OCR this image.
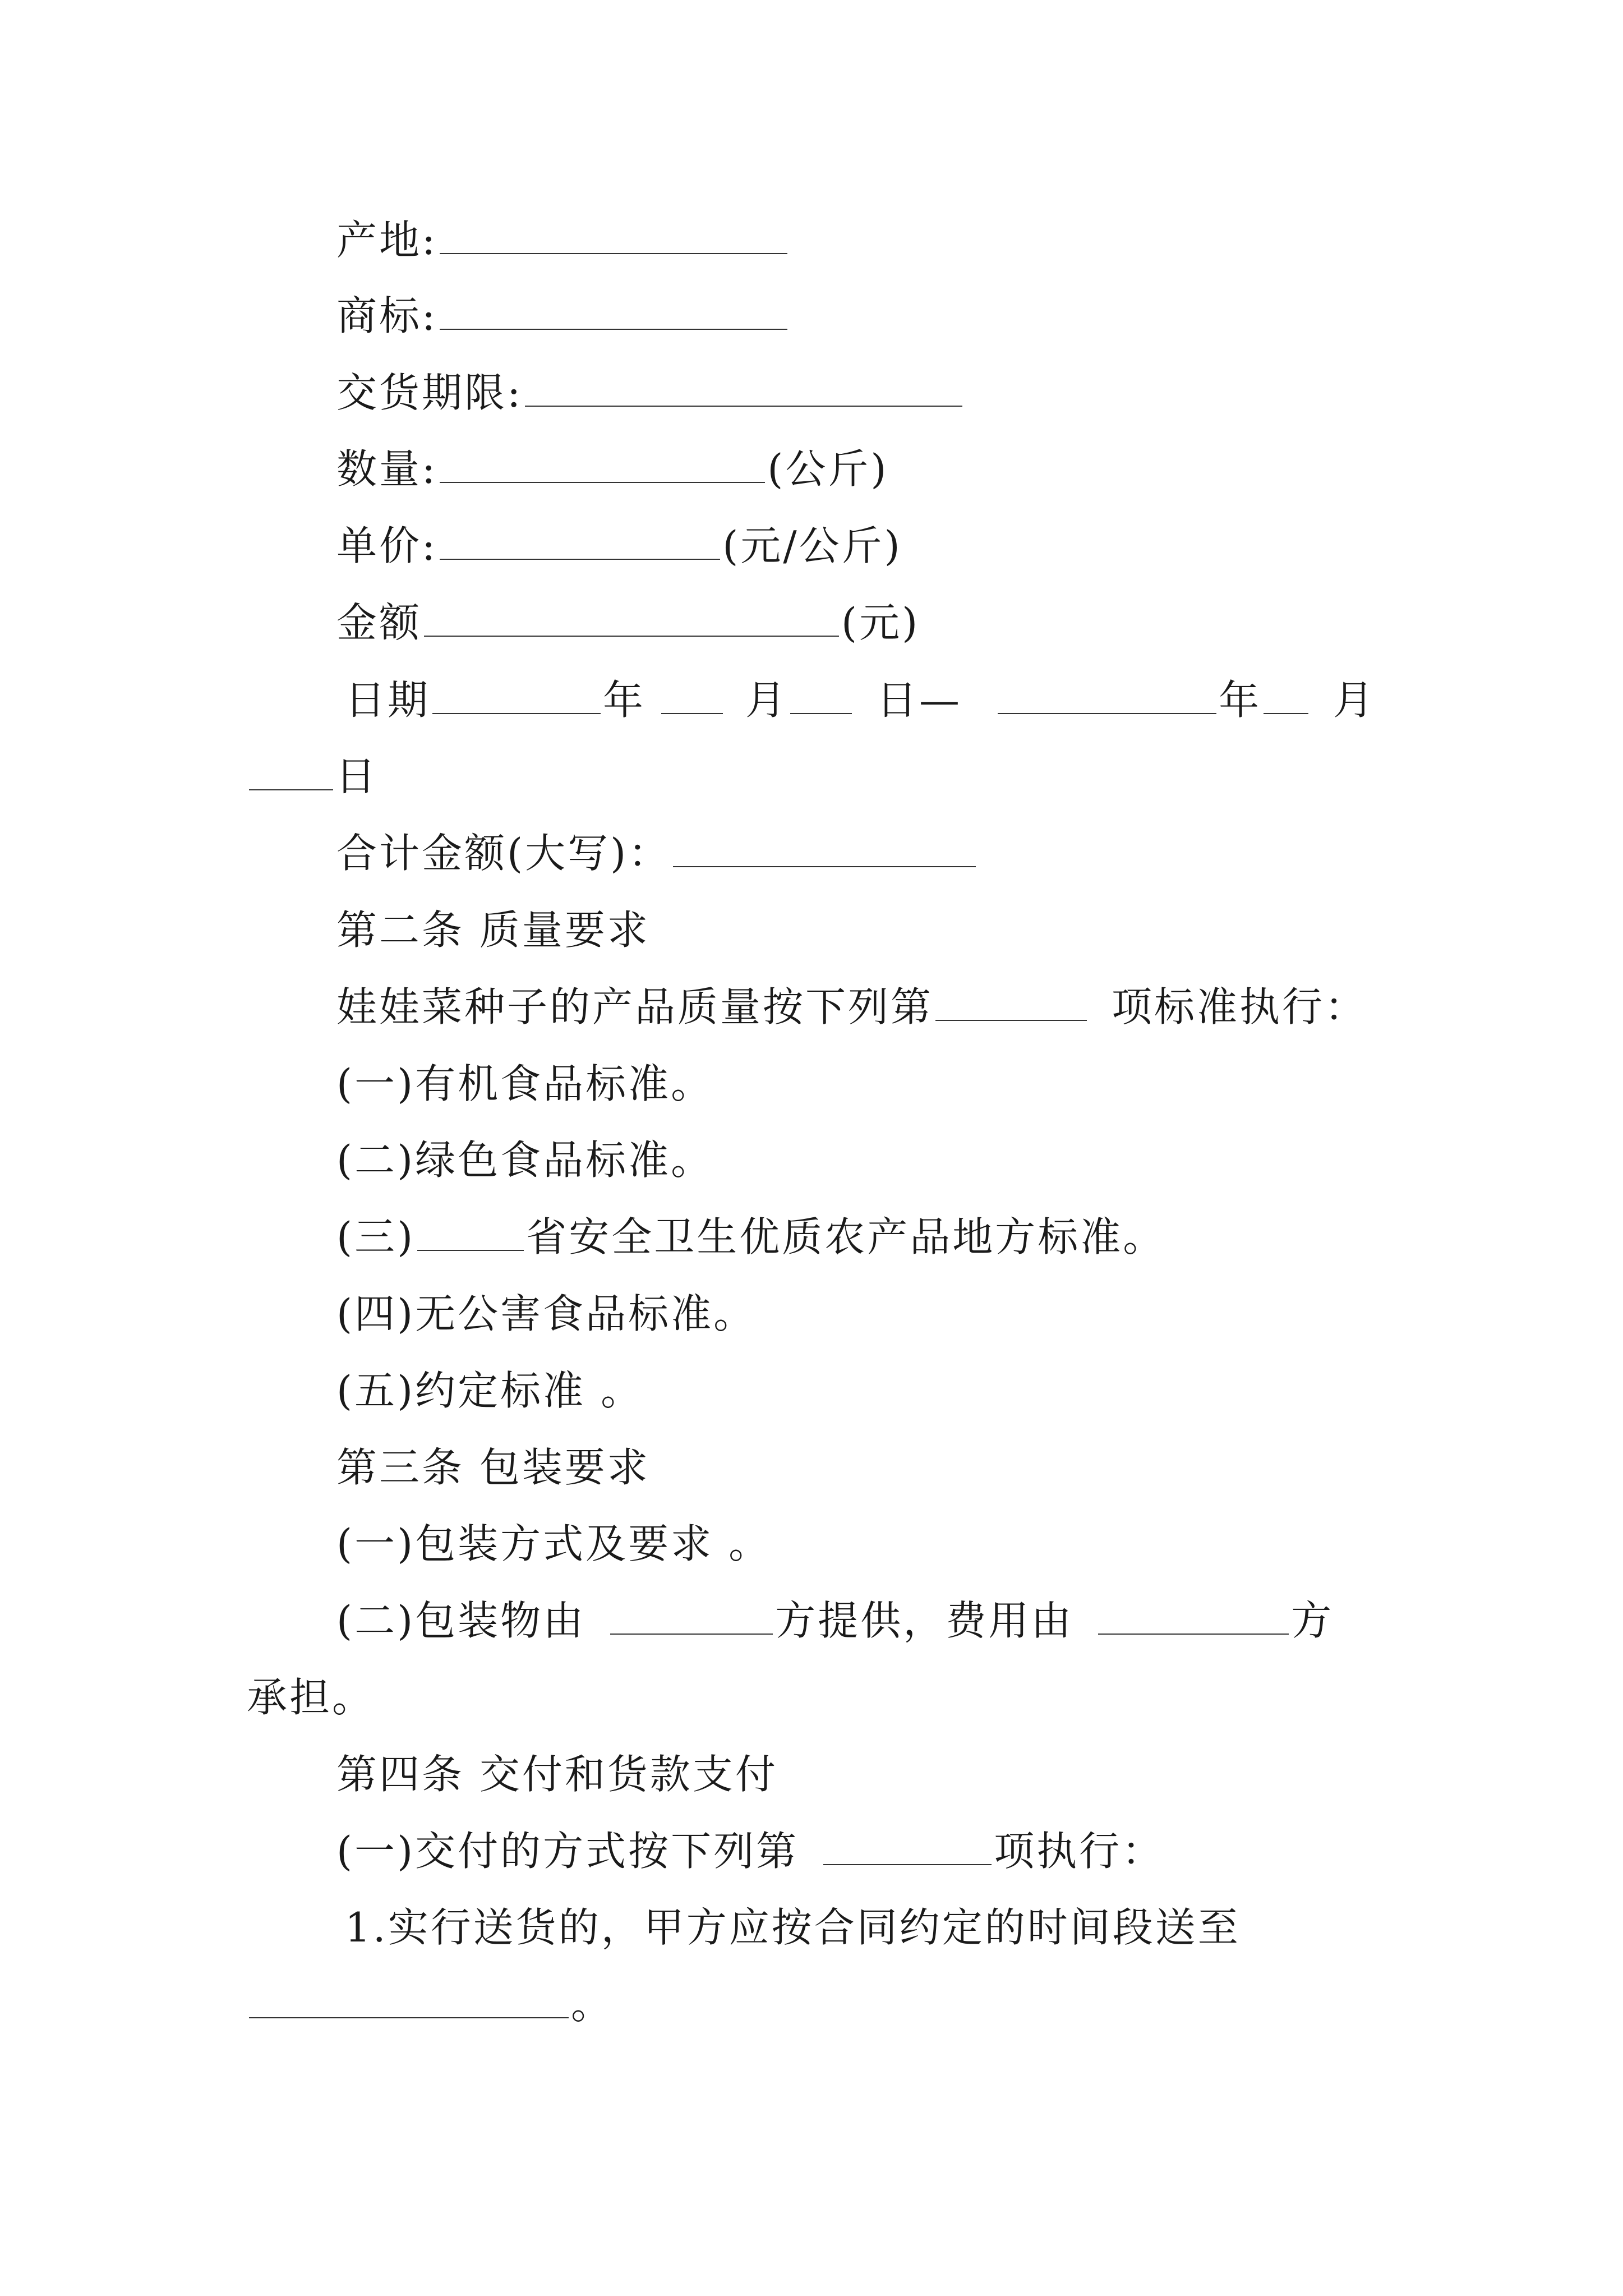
产地:
商标:
交货期限:
数量:	(公斤)
单价:	(元/公斤)
金额	(元)
日期	年 月 日—	年 月
日
合计金额(大写)：
第二条 质量要求
娃娃菜种子的产品质量按下列第	项标准执行：
(一)有机食品标准。
(二)绿色食品标准。
(三)	省安全卫生优质农产品地方标准。
(四)无公害食品标准。
(五)约定标准 。
第三条 包装要求
(一)包装方式及要求 。
(二)包装物由	方提供，费用由	方
承担。
第四条 交付和货款支付
(一)交付的方式按下列第	项执行：
1.实行送货的，甲方应按合同约定的时间段送至
。
